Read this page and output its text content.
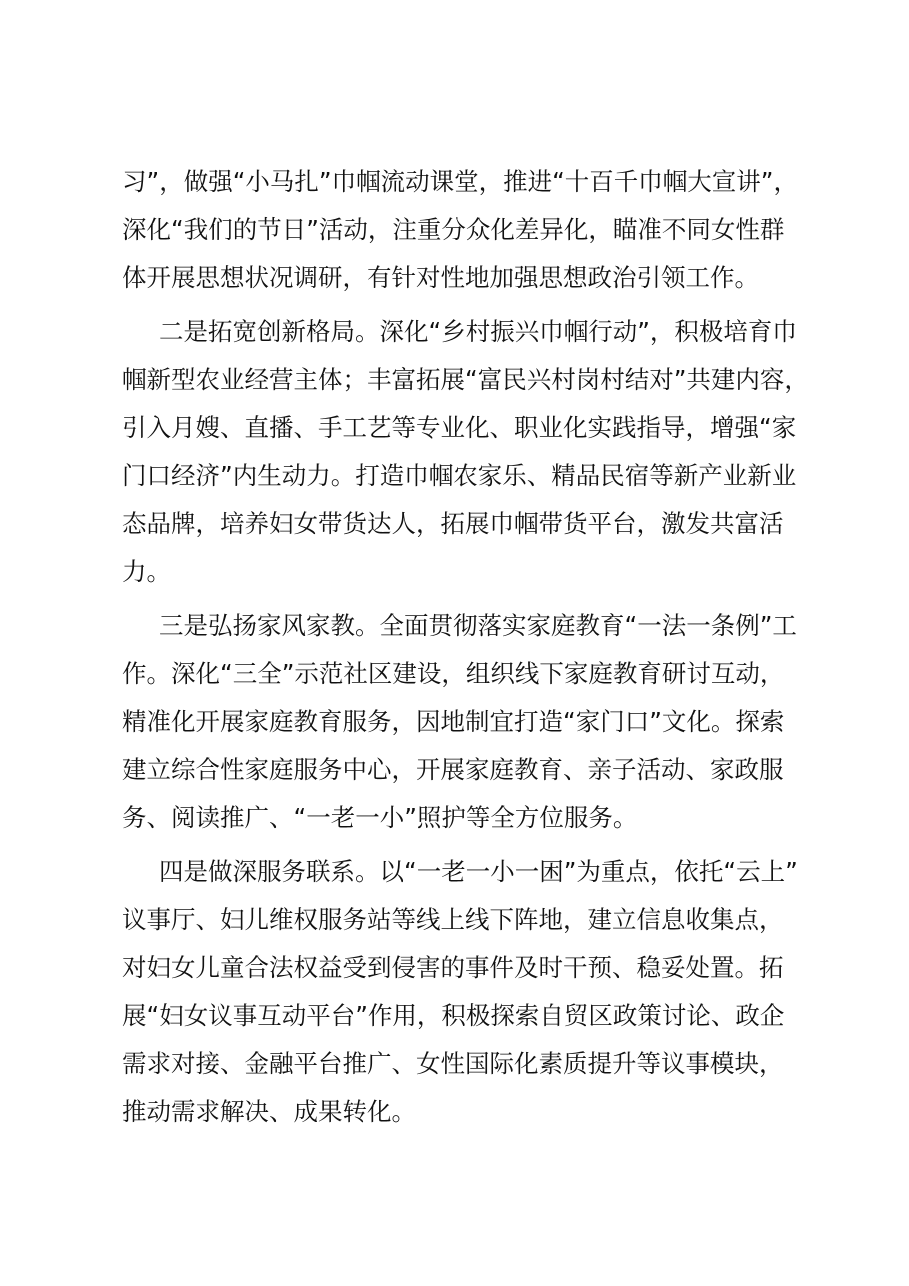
习”，做强“小马扎”巾帼流动课堂，推进“十百千巾帼大宣讲”，
深化“我们的节日”活动，注重分众化差异化，瞄准不同女性群
体开展思想状况调研，有针对性地加强思想政治引领工作。
二是拓宽创新格局。深化“乡村振兴巾帼行动”，积极培育巾
帼新型农业经营主体；丰富拓展“富民兴村岗村结对”共建内容，
引入月嫂、直播、手工艺等专业化、职业化实践指导，增强“家
门口经济”内生动力。打造巾帼农家乐、精品民宿等新产业新业
态品牌，培养妇女带货达人，拓展巾帼带货平台，激发共富活
力。
三是弘扬家风家教。全面贯彻落实家庭教育“一法一条例”工
作。深化“三全”示范社区建设，组织线下家庭教育研讨互动，
精准化开展家庭教育服务，因地制宜打造“家门口”文化。探索
建立综合性家庭服务中心，开展家庭教育、亲子活动、家政服
务、阅读推广、“一老一小”照护等全方位服务。
四是做深服务联系。以“一老一小一困”为重点，依托“云上”
议事厅、妇儿维权服务站等线上线下阵地，建立信息收集点，
对妇女儿童合法权益受到侵害的事件及时干预、稳妥处置。拓
展“妇女议事互动平台”作用，积极探索自贸区政策讨论、政企
需求对接、金融平台推广、女性国际化素质提升等议事模块，
推动需求解决、成果转化。
